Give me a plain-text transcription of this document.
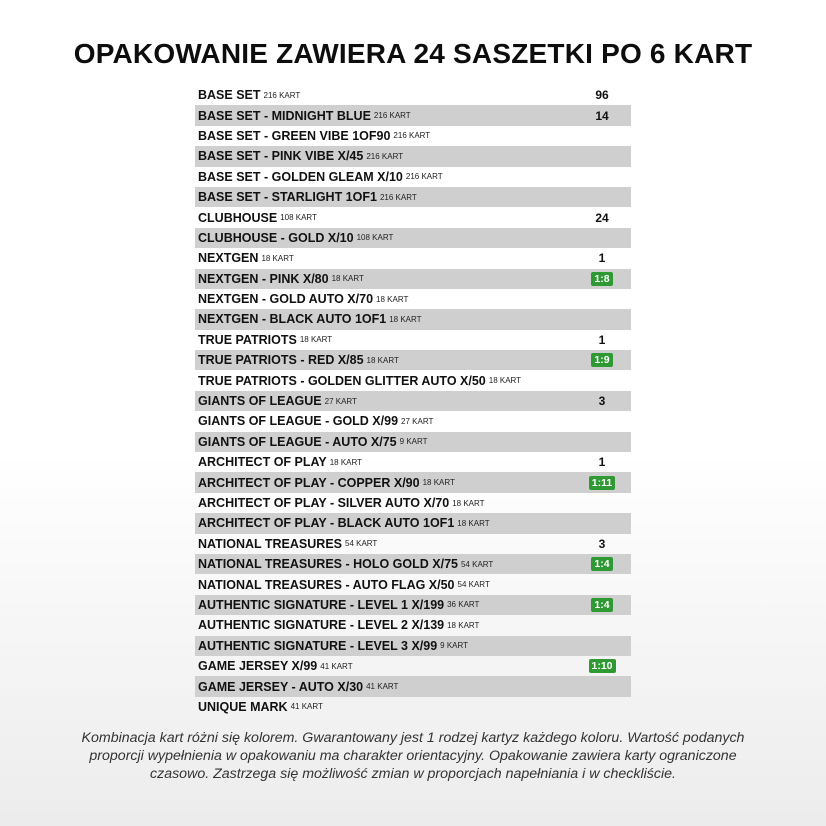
OPAKOWANIE ZAWIERA 24 SASZETKI PO 6 KART
BASE SET 216 KART	96
BASE SET - MIDNIGHT BLUE 216 KART	14
BASE SET - GREEN VIBE 1OF90 216 KART
BASE SET - PINK VIBE X/45 216 KART
BASE SET - GOLDEN GLEAM X/10 216 KART
BASE SET - STARLIGHT 1OF1 216 KART
CLUBHOUSE 108 KART	24
CLUBHOUSE - GOLD X/10 108 KART
NEXTGEN 18 KART	1
NEXTGEN - PINK X/80 18 KART	1:8
NEXTGEN - GOLD AUTO X/70 18 KART
NEXTGEN - BLACK AUTO 1OF1 18 KART
TRUE PATRIOTS 18 KART	1
TRUE PATRIOTS - RED X/85 18 KART	1:9
TRUE PATRIOTS - GOLDEN GLITTER AUTO X/50 18 KART
GIANTS OF LEAGUE 27 KART	3
GIANTS OF LEAGUE - GOLD X/99 27 KART
GIANTS OF LEAGUE - AUTO X/75 9 KART
ARCHITECT OF PLAY 18 KART	1
ARCHITECT OF PLAY - COPPER X/90 18 KART	1:11
ARCHITECT OF PLAY - SILVER AUTO X/70 18 KART
ARCHITECT OF PLAY - BLACK AUTO 1OF1 18 KART
NATIONAL TREASURES 54 KART	3
NATIONAL TREASURES - HOLO GOLD X/75 54 KART	1:4
NATIONAL TREASURES - AUTO FLAG X/50 54 KART
AUTHENTIC SIGNATURE - LEVEL 1 X/199 36 KART	1:4
AUTHENTIC SIGNATURE - LEVEL 2 X/139 18 KART
AUTHENTIC SIGNATURE - LEVEL 3 X/99 9 KART
GAME JERSEY X/99 41 KART	1:10
GAME JERSEY - AUTO X/30 41 KART
UNIQUE MARK 41 KART
Kombinacja kart różni się kolorem. Gwarantowany jest 1 rodzej kartyz każdego koloru. Wartość podanych proporcji wypełnienia w opakowaniu ma charakter orientacyjny. Opakowanie zawiera karty ograniczone czasowo. Zastrzega się możliwość zmian w proporcjach napełniania i w checkliście.
